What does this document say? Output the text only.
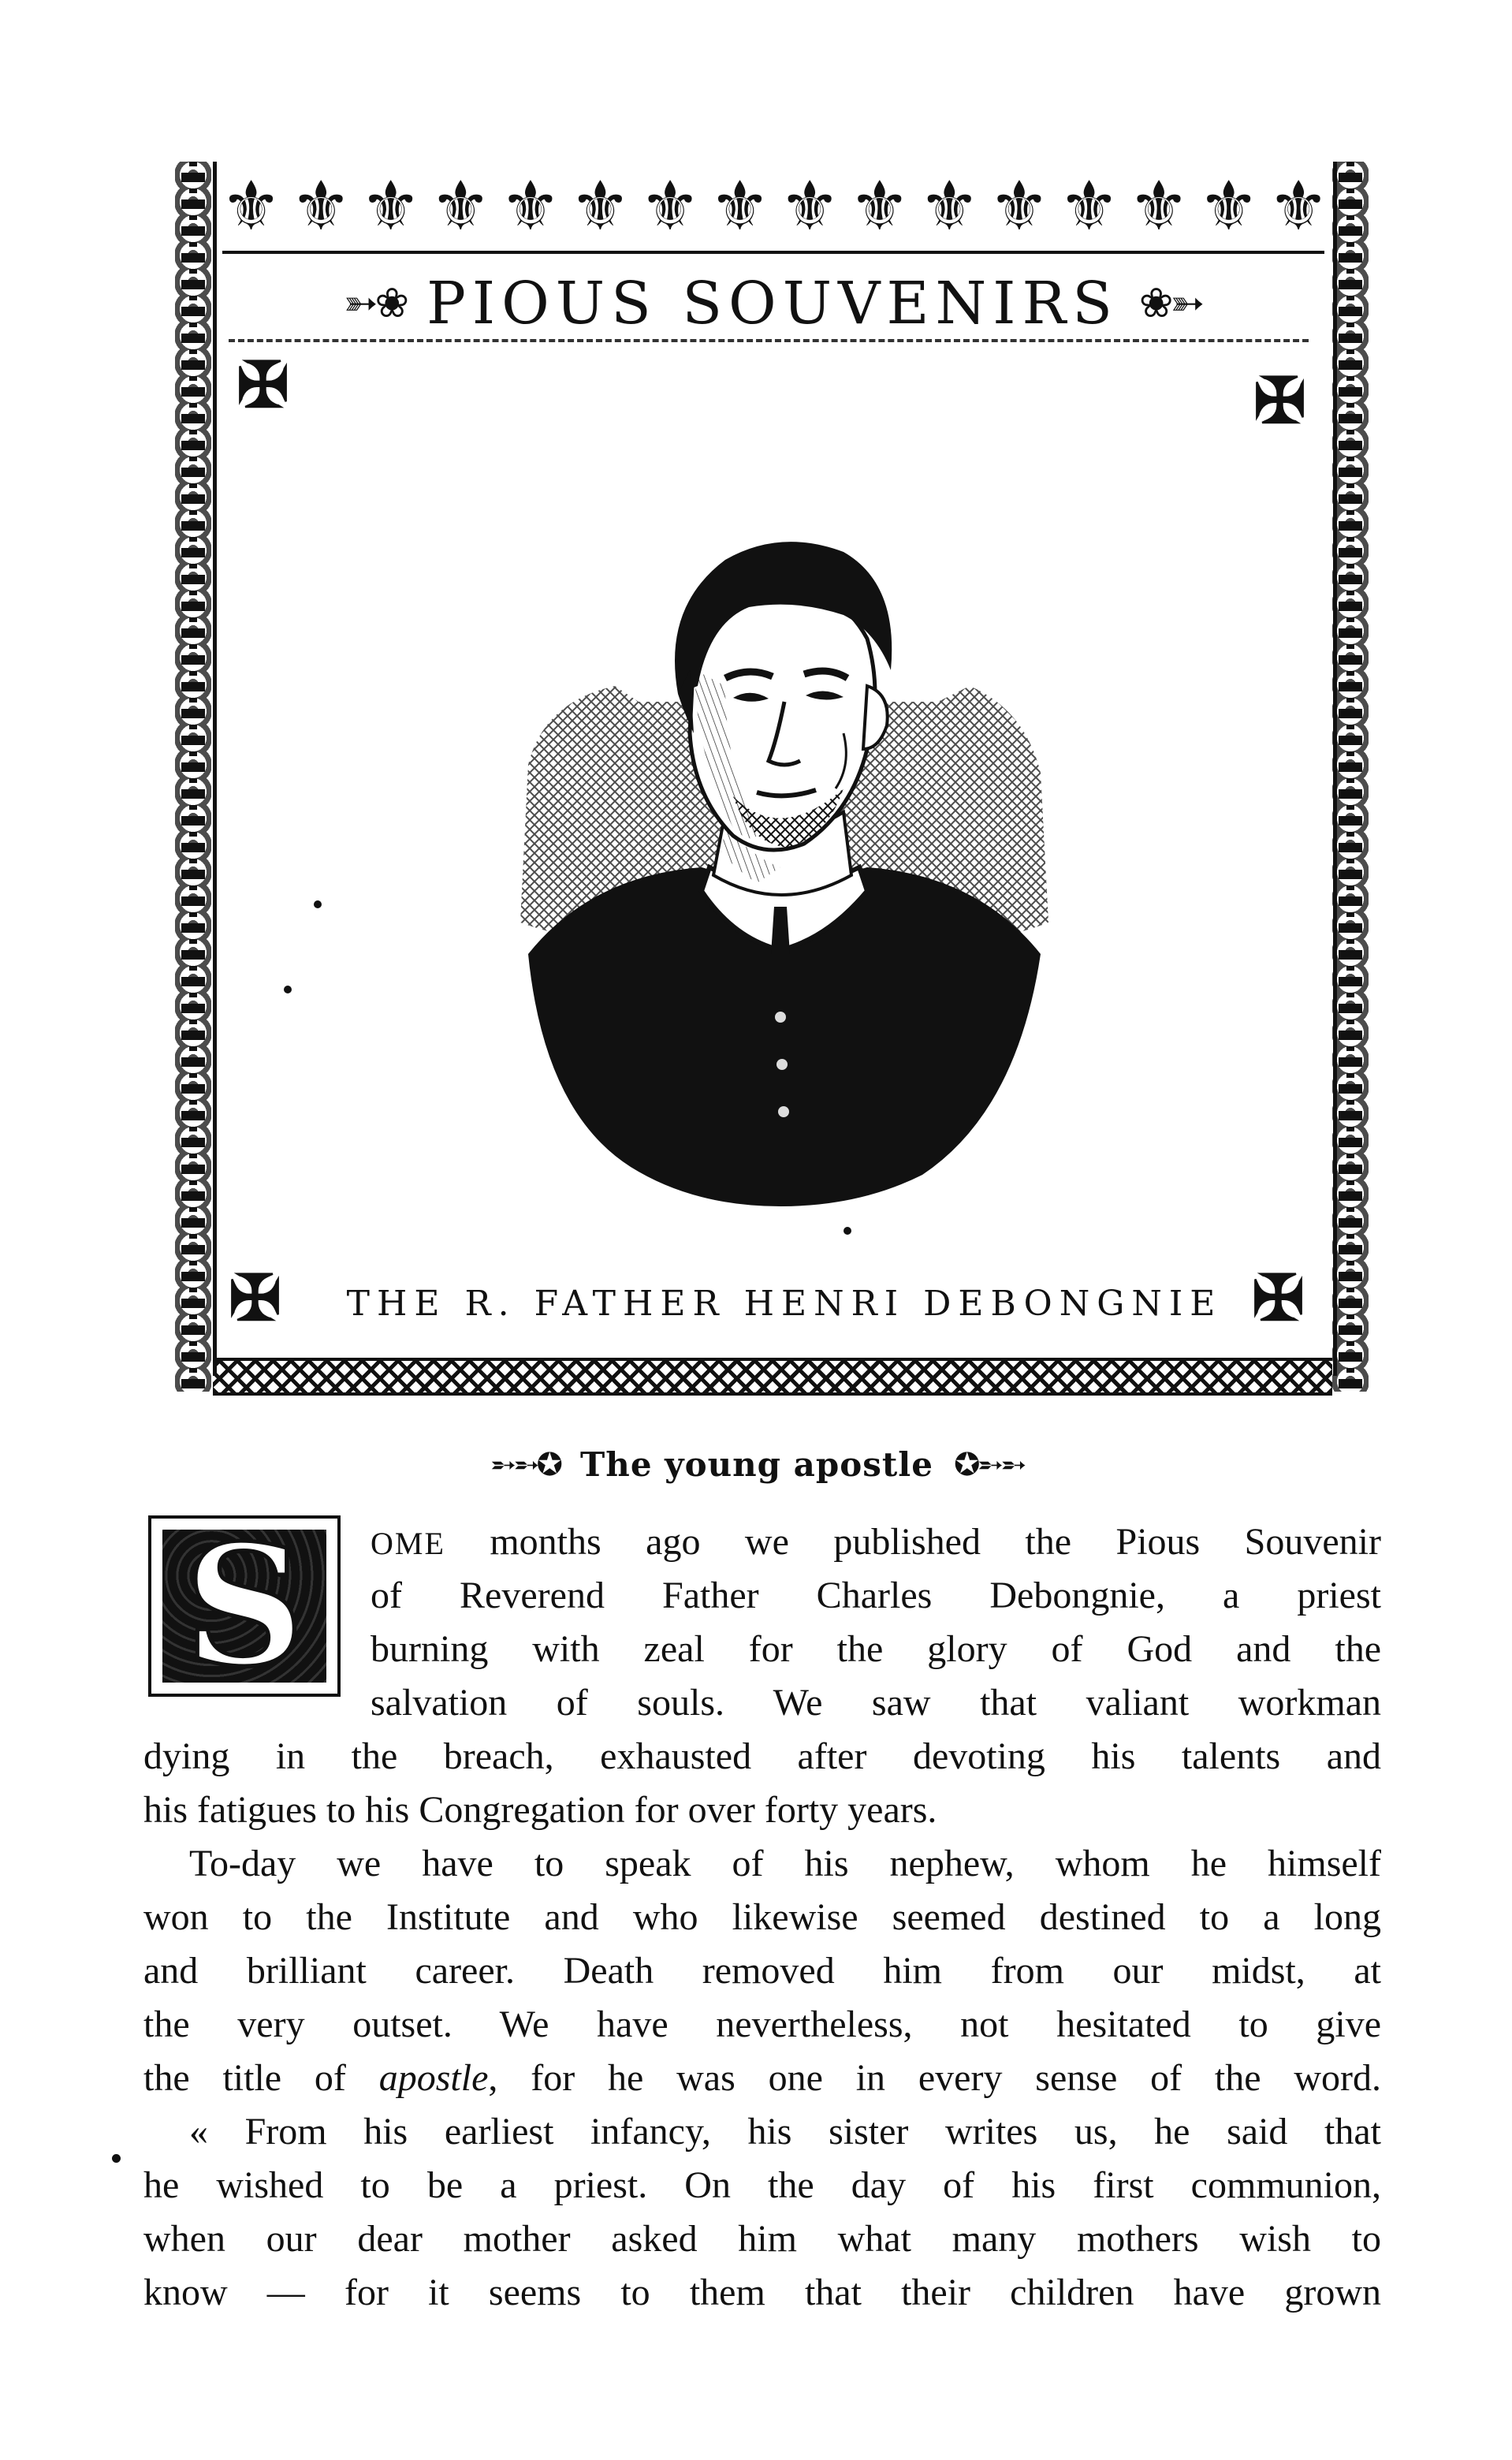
⚜ ⚜ ⚜ ⚜ ⚜ ⚜ ⚜ ⚜ ⚜ ⚜ ⚜ ⚜ ⚜ ⚜ ⚜ ⚜
➳❀ PIOUS SOUVENIRS ❀➳
✠	✠
✠	THE R. FATHER HENRI DEBONGNIE ✠
➵➵✪ The young apostle ✪➵➵
S OME months ago we published the Pious Souvenir
of Reverend Father Charles Debongnie, a priest
burning with zeal for the glory of God and the
salvation of souls. We saw that valiant workman
dying in the breach, exhausted after devoting his talents and
his fatigues to his Congregation for over forty years.
To-day we have to speak of his nephew, whom he himself
won to the Institute and who likewise seemed destined to a long
and brilliant career. Death removed him from our midst, at
the very outset. We have nevertheless, not hesitated to give
the title of apostle, for he was one in every sense of the word.
« From his earliest infancy, his sister writes us, he said that
he wished to be a priest. On the day of his first communion,
when our dear mother asked him what many mothers wish to
know — for it seems to them that their children have grown
